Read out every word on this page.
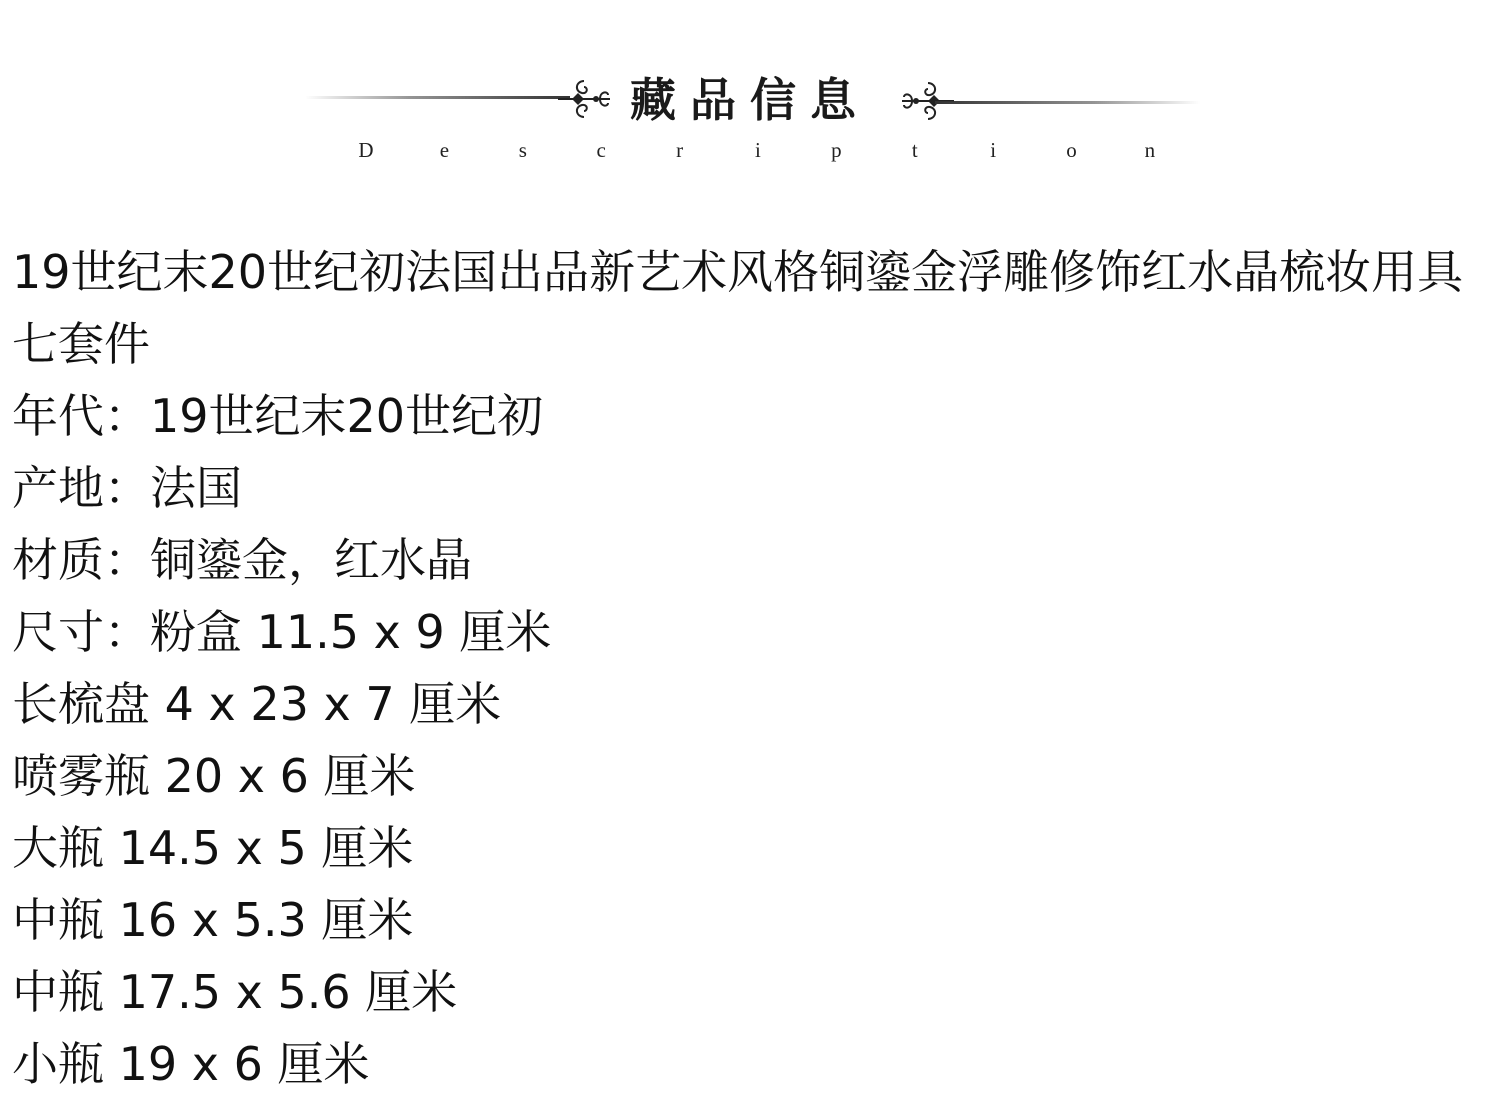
藏品信息
D	e	s	c	r	i	p	t	i	o	n
19世纪末20世纪初法国出品新艺术风格铜鎏金浮雕修饰红水晶梳妆用具七套件
年代：19世纪末20世纪初
产地：法国
材质：铜鎏金，红水晶
尺寸：粉盒 11.5 x 9 厘米
长梳盘 4 x 23 x 7 厘米
喷雾瓶 20 x 6 厘米
大瓶 14.5 x 5 厘米
中瓶 16 x 5.3 厘米
中瓶 17.5 x 5.6 厘米
小瓶 19 x 6 厘米
